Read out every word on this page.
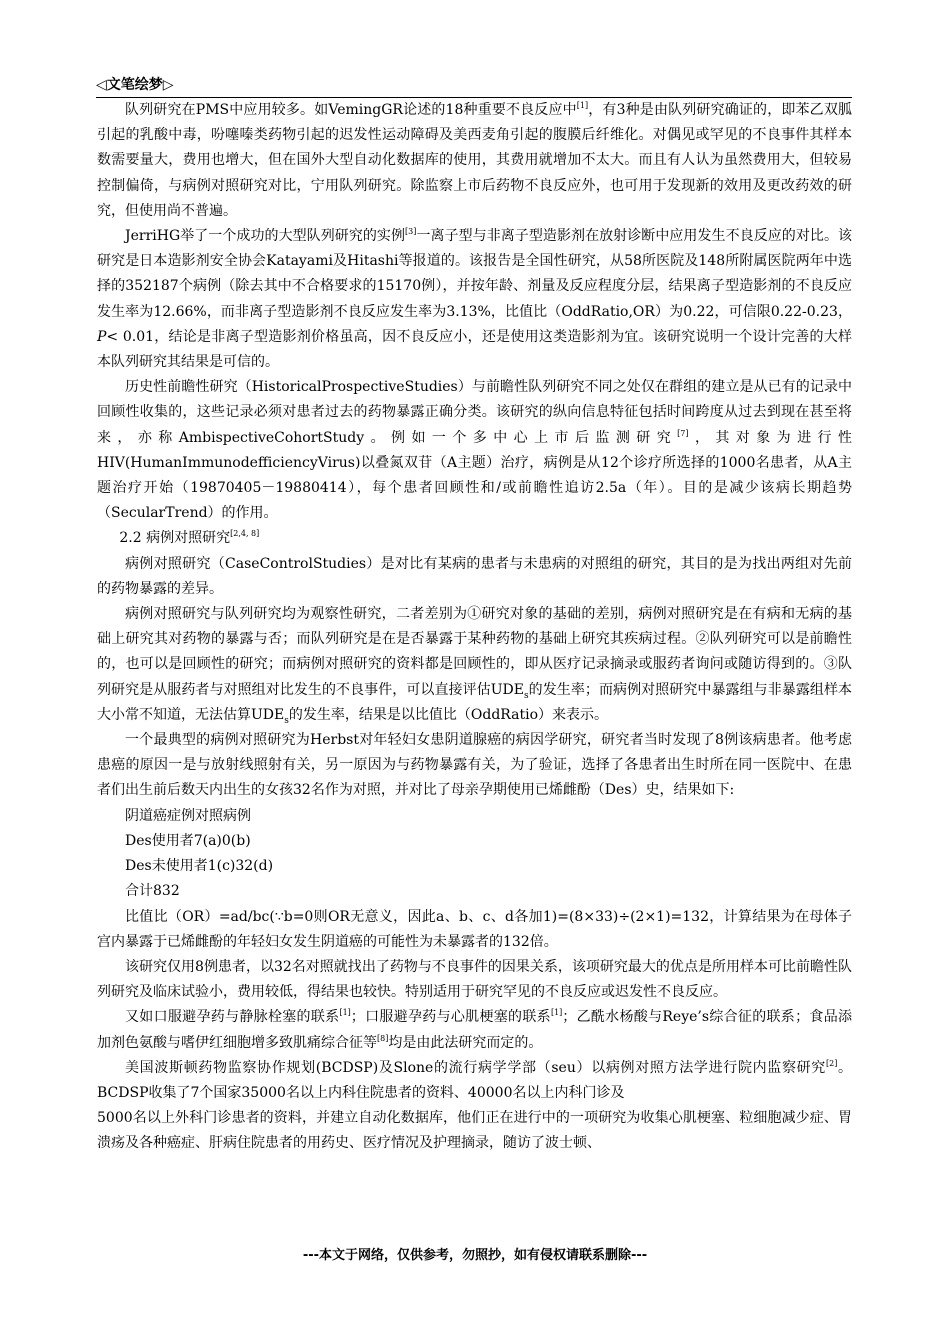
◁文笔绘梦▷

队列研究在PMS中应用较多。如VemingGR论述的18种重要不良反应中[1]，有3种是由队列研究确证的，即苯乙双胍引起的乳酸中毒，吩噻嗪类药物引起的迟发性运动障碍及美西麦角引起的腹膜后纤维化。对偶见或罕见的不良事件其样本数需要量大，费用也增大，但在国外大型自动化数据库的使用，其费用就增加不太大。而且有人认为虽然费用大，但较易控制偏倚，与病例对照研究对比，宁用队列研究。除监察上市后药物不良反应外，也可用于发现新的效用及更改药效的研究，但使用尚不普遍。

JerriHG举了一个成功的大型队列研究的实例[3]一离子型与非离子型造影剂在放射诊断中应用发生不良反应的对比。该研究是日本造影剂安全协会Katayami及Hitashi等报道的。该报告是全国性研究，从58所医院及148所附属医院两年中选择的352187个病例（除去其中不合格要求的15170例），并按年龄、剂量及反应程度分层，结果离子型造影剂的不良反应发生率为12.66%，而非离子型造影剂不良反应发生率为3.13%，比值比（OddRatio,OR）为0.22，可信限0.22-0.23，P< 0.01，结论是非离子型造影剂价格虽高，因不良反应小，还是使用这类造影剂为宜。该研究说明一个设计完善的大样本队列研究其结果是可信的。

历史性前瞻性研究（HistoricalProspectiveStudies）与前瞻性队列研究不同之处仅在群组的建立是从已有的记录中回顾性收集的，这些记录必须对患者过去的药物暴露正确分类。该研究的纵向信息特征包括时间跨度从过去到现在甚至将来，亦称AmbispectiveCohortStudy。例如一个多中心上市后监测研究[7]，其对象为进行性HIV(HumanImmunodefficiencyVirus)以叠氮双苷（A主题）治疗，病例是从12个诊疗所选择的1000名患者，从A主题治疗开始（19870405－19880414），每个患者回顾性和/或前瞻性追访2.5a（年）。目的是减少该病长期趋势（SecularTrend）的作用。

2.2 病例对照研究[2,4, 8]

病例对照研究（CaseControlStudies）是对比有某病的患者与未患病的对照组的研究，其目的是为找出两组对先前的药物暴露的差异。

病例对照研究与队列研究均为观察性研究，二者差别为①研究对象的基础的差别，病例对照研究是在有病和无病的基础上研究其对药物的暴露与否；而队列研究是在是否暴露于某种药物的基础上研究其疾病过程。②队列研究可以是前瞻性的，也可以是回顾性的研究；而病例对照研究的资料都是回顾性的，即从医疗记录摘录或服药者询问或随访得到的。③队列研究是从服药者与对照组对比发生的不良事件，可以直接评估$UDE_s$的发生率；而病例对照研究中暴露组与非暴露组样本大小常不知道，无法估算$UDE_s$的发生率，结果是以比值比（OddRatio）来表示。

一个最典型的病例对照研究为Herbst对年轻妇女患阴道腺癌的病因学研究，研究者当时发现了8例该病患者。他考虑患癌的原因一是与放射线照射有关，另一原因为与药物暴露有关，为了验证，选择了各患者出生时所在同一医院中、在患者们出生前后数天内出生的女孩32名作为对照，并对比了母亲孕期使用已烯雌酚（Des）史，结果如下:

阴道癌症例对照病例

Des使用者7(a)0(b)

Des未使用者1(c)32(d)

合计832

比值比（OR）=ad/bc(∵b=0则OR无意义，因此a、b、c、d各加1)=(8×33)÷(2×1)=132，计算结果为在母体子宫内暴露于已烯雌酚的年轻妇女发生阴道癌的可能性为未暴露者的132倍。

该研究仅用8例患者，以32名对照就找出了药物与不良事件的因果关系，该项研究最大的优点是所用样本可比前瞻性队列研究及临床试验小，费用较低，得结果也较快。特别适用于研究罕见的不良反应或迟发性不良反应。

又如口服避孕药与静脉栓塞的联系[1]；口服避孕药与心肌梗塞的联系[1]；乙酰水杨酸与Reye’s综合征的联系；食品添加剂色氨酸与嗜伊红细胞增多致肌痛综合征等[8]均是由此法研究而定的。

美国波斯顿药物监察协作规划(BCDSP)及Slone的流行病学学部（seu）以病例对照方法学进行院内监察研究[2]。BCDSP收集了7个国家35000名以上内科住院患者的资料、40000名以上内科门诊及

5000名以上外科门诊患者的资料，并建立自动化数据库，他们正在进行中的一项研究为收集心肌梗塞、粒细胞减少症、胃溃疡及各种癌症、肝病住院患者的用药史、医疗情况及护理摘录，随访了波士顿、

---本文于网络，仅供参考，勿照抄，如有侵权请联系删除---
